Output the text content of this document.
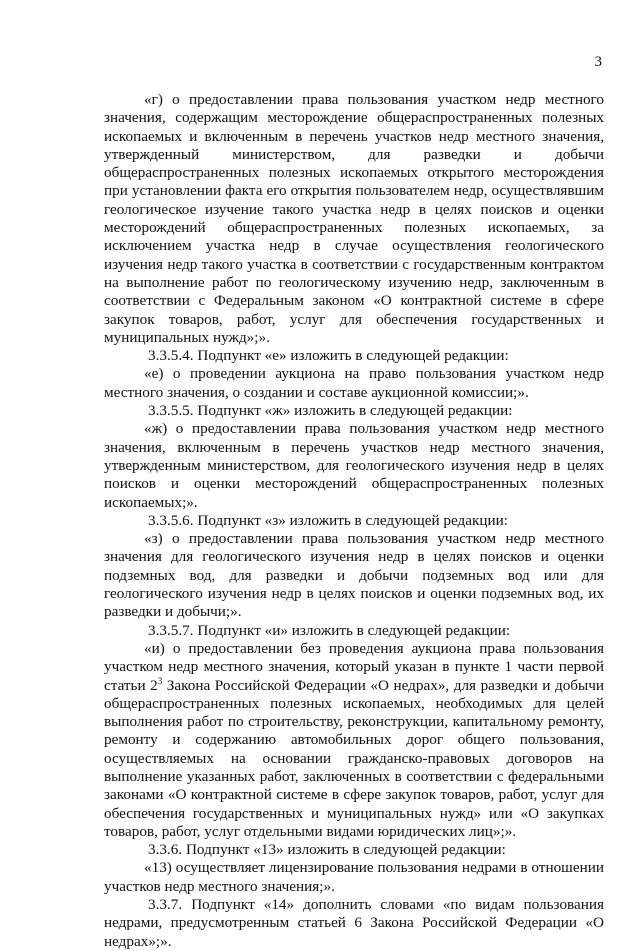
3

«г) о предоставлении права пользования участком недр местного значения, содержащим месторождение общераспространенных полезных ископаемых и включенным в перечень участков недр местного значения, утвержденный министерством, для разведки и добычи общераспространенных полезных ископаемых открытого месторождения при установлении факта его открытия пользователем недр, осуществлявшим геологическое изучение такого участка недр в целях поисков и оценки месторождений общераспространенных полезных ископаемых, за исключением участка недр в случае осуществления геологического изучения недр такого участка в соответствии с государственным контрактом на выполнение работ по геологическому изучению недр, заключенным в соответствии с Федеральным законом «О контрактной системе в сфере закупок товаров, работ, услуг для обеспечения государственных и муниципальных нужд»;».

3.3.5.4. Подпункт «е» изложить в следующей редакции:

«е) о проведении аукциона на право пользования участком недр местного значения, о создании и составе аукционной комиссии;».

3.3.5.5. Подпункт «ж» изложить в следующей редакции:

«ж) о предоставлении права пользования участком недр местного значения, включенным в перечень участков недр местного значения, утвержденным министерством, для геологического изучения недр в целях поисков и оценки месторождений общераспространенных полезных ископаемых;».

3.3.5.6. Подпункт «з» изложить в следующей редакции:

«з) о предоставлении права пользования участком недр местного значения для геологического изучения недр в целях поисков и оценки подземных вод, для разведки и добычи подземных вод или для геологического изучения недр в целях поисков и оценки подземных вод, их разведки и добычи;».

3.3.5.7. Подпункт «и» изложить в следующей редакции:

«и) о предоставлении без проведения аукциона права пользования участком недр местного значения, который указан в пункте 1 части первой статьи $2^3$ Закона Российской Федерации «О недрах», для разведки и добычи общераспространенных полезных ископаемых, необходимых для целей выполнения работ по строительству, реконструкции, капитальному ремонту, ремонту и содержанию автомобильных дорог общего пользования, осуществляемых на основании гражданско-правовых договоров на выполнение указанных работ, заключенных в соответствии с федеральными законами «О контрактной системе в сфере закупок товаров, работ, услуг для обеспечения государственных и муниципальных нужд» или «О закупках товаров, работ, услуг отдельными видами юридических лиц»;».

3.3.6. Подпункт «13» изложить в следующей редакции:

«13) осуществляет лицензирование пользования недрами в отношении участков недр местного значения;».

3.3.7. Подпункт «14» дополнить словами «по видам пользования недрами, предусмотренным статьей 6 Закона Российской Федерации «О недрах»;».
